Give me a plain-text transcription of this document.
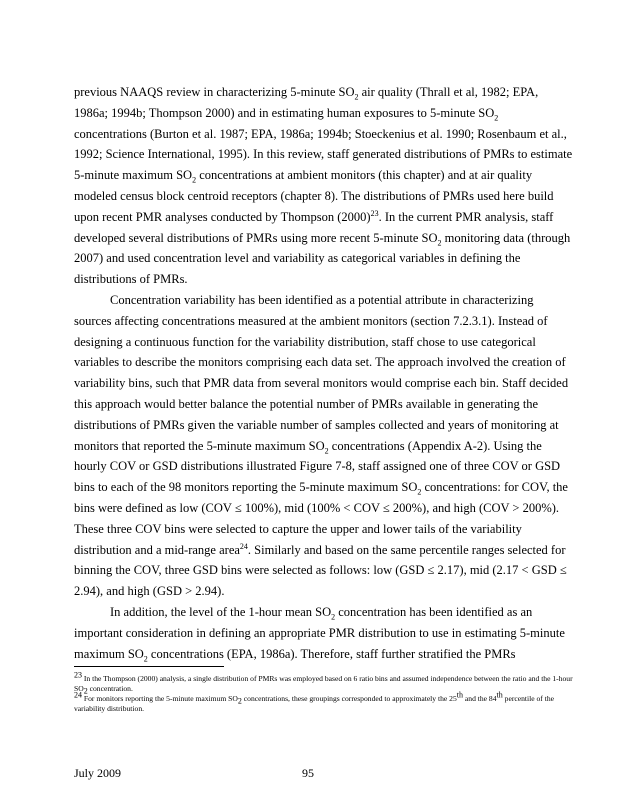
previous NAAQS review in characterizing 5-minute $SO_2$ air quality (Thrall et al, 1982; EPA, 1986a; 1994b; Thompson 2000) and in estimating human exposures to 5-minute $SO_2$ concentrations (Burton et al. 1987; EPA, 1986a; 1994b; Stoeckenius et al. 1990; Rosenbaum et al., 1992; Science International, 1995). In this review, staff generated distributions of PMRs to estimate 5-minute maximum $SO_2$ concentrations at ambient monitors (this chapter) and at air quality modeled census block centroid receptors (chapter 8). The distributions of PMRs used here build upon recent PMR analyses conducted by Thompson $(2000)^{23}$. In the current PMR analysis, staff developed several distributions of PMRs using more recent 5-minute $SO_2$ monitoring data (through 2007) and used concentration level and variability as categorical variables in defining the distributions of PMRs.

Concentration variability has been identified as a potential attribute in characterizing sources affecting concentrations measured at the ambient monitors (section 7.2.3.1). Instead of designing a continuous function for the variability distribution, staff chose to use categorical variables to describe the monitors comprising each data set. The approach involved the creation of variability bins, such that PMR data from several monitors would comprise each bin. Staff decided this approach would better balance the potential number of PMRs available in generating the distributions of PMRs given the variable number of samples collected and years of monitoring at monitors that reported the 5-minute maximum $SO_2$ concentrations (Appendix A-2). Using the hourly COV or GSD distributions illustrated Figure 7-8, staff assigned one of three COV or GSD bins to each of the 98 monitors reporting the 5-minute maximum $SO_2$ concentrations: for COV, the bins were defined as low (COV ≤ 100%), mid (100% < COV ≤ 200%), and high (COV > 200%). These three COV bins were selected to capture the upper and lower tails of the variability distribution and a mid-range area$^{24}$. Similarly and based on the same percentile ranges selected for binning the COV, three GSD bins were selected as follows: low (GSD ≤ 2.17), mid (2.17 < GSD ≤ 2.94), and high (GSD > 2.94).

In addition, the level of the 1-hour mean $SO_2$ concentration has been identified as an important consideration in defining an appropriate PMR distribution to use in estimating 5-minute maximum $SO_2$ concentrations (EPA, 1986a). Therefore, staff further stratified the PMRs

$^{23}$ In the Thompson (2000) analysis, a single distribution of PMRs was employed based on 6 ratio bins and assumed independence between the ratio and the 1-hour $SO_2$ concentration.

$^{24}$ For monitors reporting the 5-minute maximum $SO_2$ concentrations, these groupings corresponded to approximately the 25th and the 84th percentile of the variability distribution.

July 2009	95
